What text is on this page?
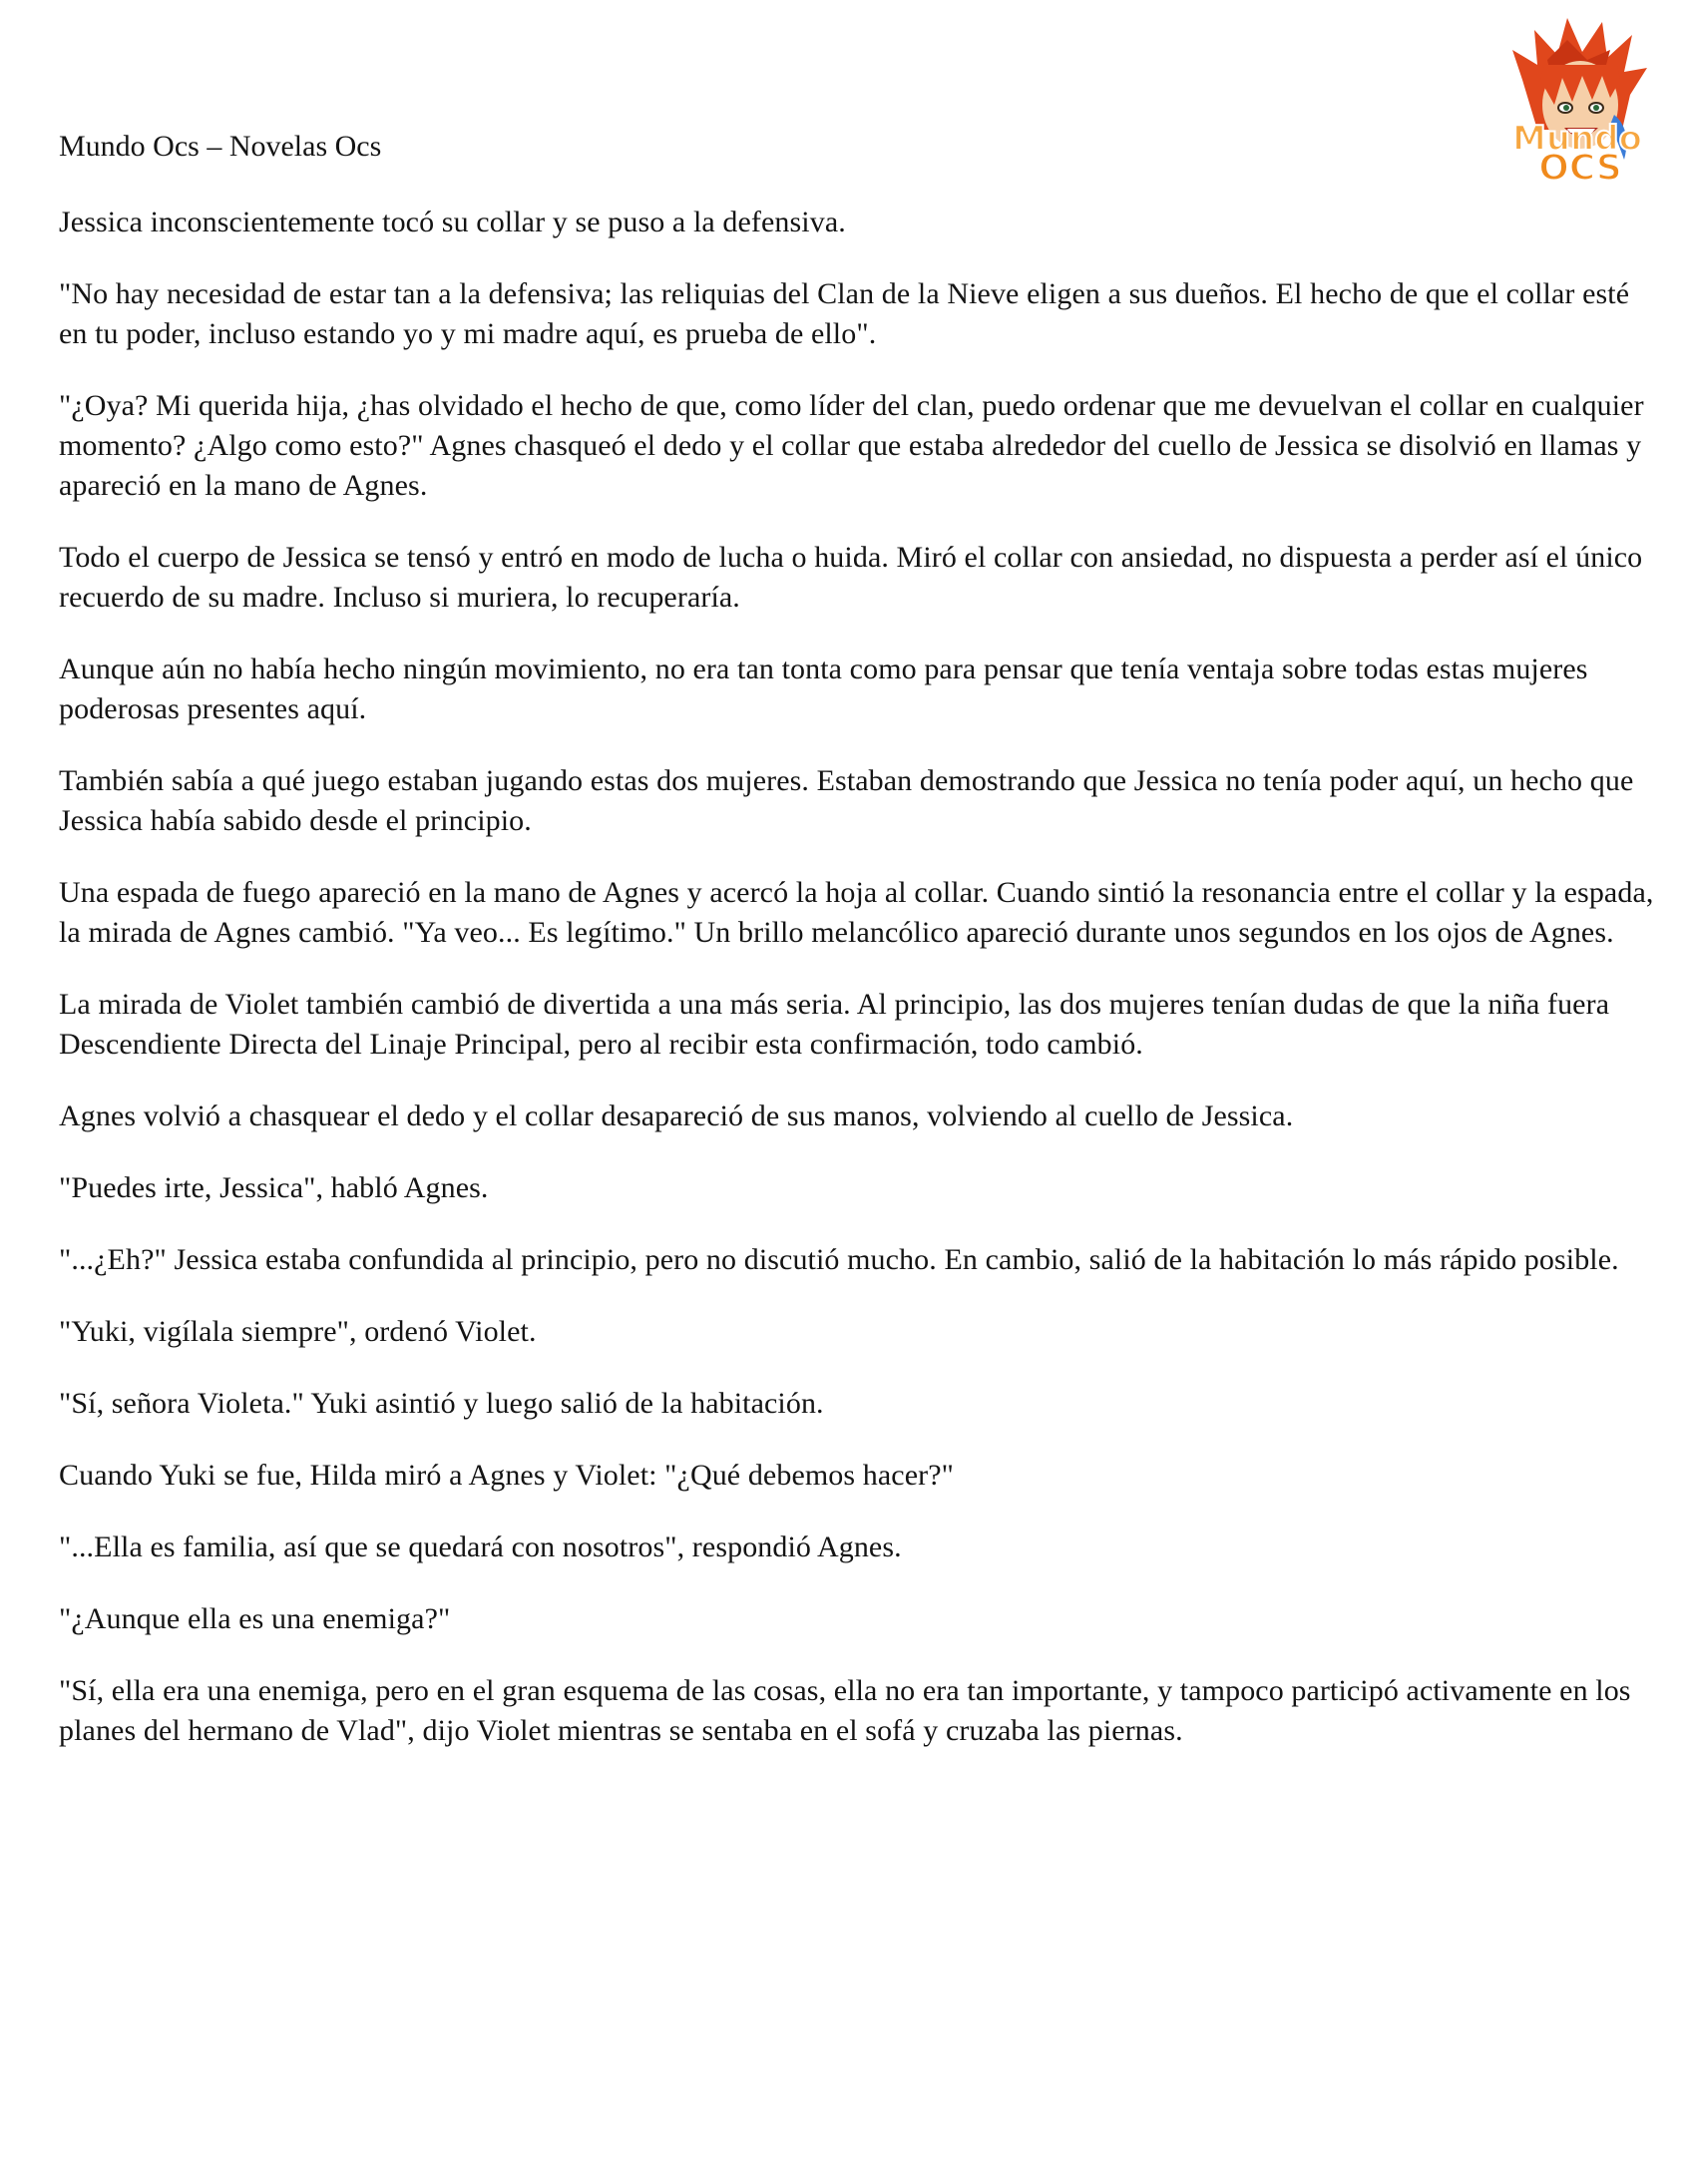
Mundo Ocs – Novelas Ocs	Mundo
OCS

Jessica inconscientemente tocó su collar y se puso a la defensiva.

"No hay necesidad de estar tan a la defensiva; las reliquias del Clan de la Nieve eligen a sus dueños. El hecho de que el collar esté en tu poder, incluso estando yo y mi madre aquí, es prueba de ello".

"¿Oya? Mi querida hija, ¿has olvidado el hecho de que, como líder del clan, puedo ordenar que me devuelvan el collar en cualquier momento? ¿Algo como esto?" Agnes chasqueó el dedo y el collar que estaba alrededor del cuello de Jessica se disolvió en llamas y apareció en la mano de Agnes.

Todo el cuerpo de Jessica se tensó y entró en modo de lucha o huida. Miró el collar con ansiedad, no dispuesta a perder así el único recuerdo de su madre. Incluso si muriera, lo recuperaría.

Aunque aún no había hecho ningún movimiento, no era tan tonta como para pensar que tenía ventaja sobre todas estas mujeres poderosas presentes aquí.

También sabía a qué juego estaban jugando estas dos mujeres. Estaban demostrando que Jessica no tenía poder aquí, un hecho que Jessica había sabido desde el principio.

Una espada de fuego apareció en la mano de Agnes y acercó la hoja al collar. Cuando sintió la resonancia entre el collar y la espada, la mirada de Agnes cambió. "Ya veo... Es legítimo." Un brillo melancólico apareció durante unos segundos en los ojos de Agnes.

La mirada de Violet también cambió de divertida a una más seria. Al principio, las dos mujeres tenían dudas de que la niña fuera Descendiente Directa del Linaje Principal, pero al recibir esta confirmación, todo cambió.

Agnes volvió a chasquear el dedo y el collar desapareció de sus manos, volviendo al cuello de Jessica.

"Puedes irte, Jessica", habló Agnes.

"...¿Eh?" Jessica estaba confundida al principio, pero no discutió mucho. En cambio, salió de la habitación lo más rápido posible.

"Yuki, vigílala siempre", ordenó Violet.

"Sí, señora Violeta." Yuki asintió y luego salió de la habitación.

Cuando Yuki se fue, Hilda miró a Agnes y Violet: "¿Qué debemos hacer?"

"...Ella es familia, así que se quedará con nosotros", respondió Agnes.

"¿Aunque ella es una enemiga?"

"Sí, ella era una enemiga, pero en el gran esquema de las cosas, ella no era tan importante, y tampoco participó activamente en los planes del hermano de Vlad", dijo Violet mientras se sentaba en el sofá y cruzaba las piernas.
